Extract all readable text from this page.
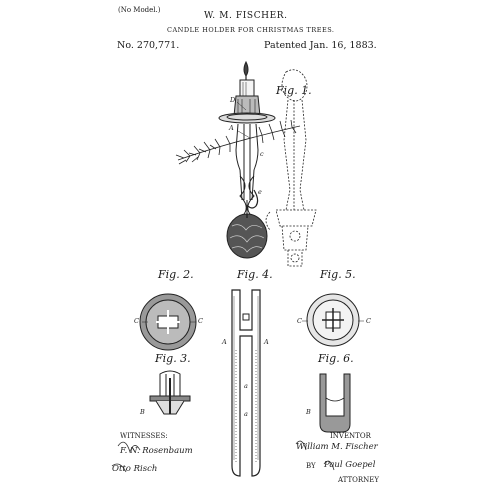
(No Model.)
W. M. FISCHER.
CANDLE HOLDER FOR CHRISTMAS TREES.
No. 270,771.	Patented Jan. 16, 1883.
Fig. 1.
Fig. 2.	Fig. 4.	Fig. 5.
Fig. 3.	Fig. 6.
D
A
e
c
C	C	C	C
B
A	A
a
a	B
WITNESSES:
F. N. Rosenbaum
Otto Risch
INVENTOR
William M. Fischer
BY Paul Goepel
ATTORNEY
